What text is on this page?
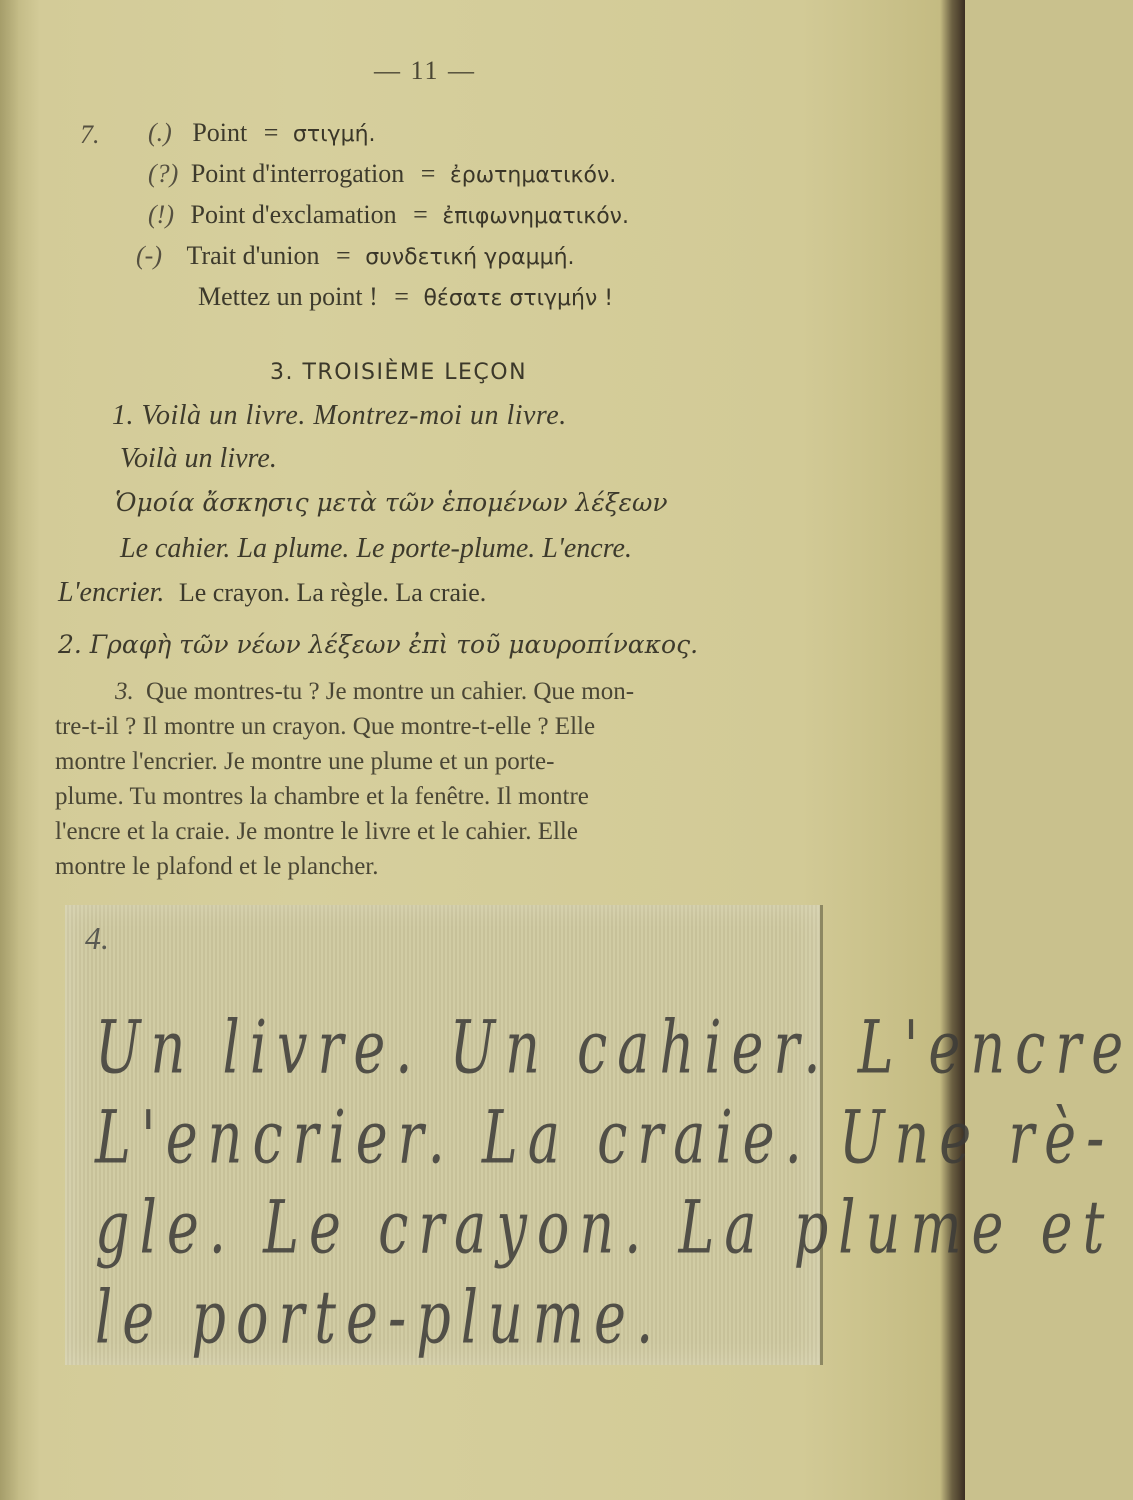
— 11 —
7. (.) Point = στιγμή.
(?) Point d'interrogation = ἐρωτηματικόν.
(!) Point d'exclamation = ἐπιφωνηματικόν.
(-) Trait d'union = συνδετική γραμμή.
Mettez un point ! = θέσατε στιγμήν !
3. TROISIÈME LEÇON
1. Voilà un livre. Montrez-moi un livre.
Voilà un livre.
Ὁμοία ἄσκησις μετὰ τῶν ἑπομένων λέξεων
Le cahier. La plume. Le porte-plume. L'encre.
L'encrier. Le crayon. La règle. La craie.
2. Γραφὴ τῶν νέων λέξεων ἐπὶ τοῦ μαυροπίνακος.
3. Que montres-tu ? Je montre un cahier. Que mon-
tre-t-il ? Il montre un crayon. Que montre-t-elle ? Elle
montre l'encrier. Je montre une plume et un porte-
plume. Tu montres la chambre et la fenêtre. Il montre
l'encre et la craie. Je montre le livre et le cahier. Elle
montre le plafond et le plancher.
4.
Un livre. Un cahier. L'encre
L'encrier. La craie. Une rè-
gle. Le crayon. La plume et
le porte-plume.
